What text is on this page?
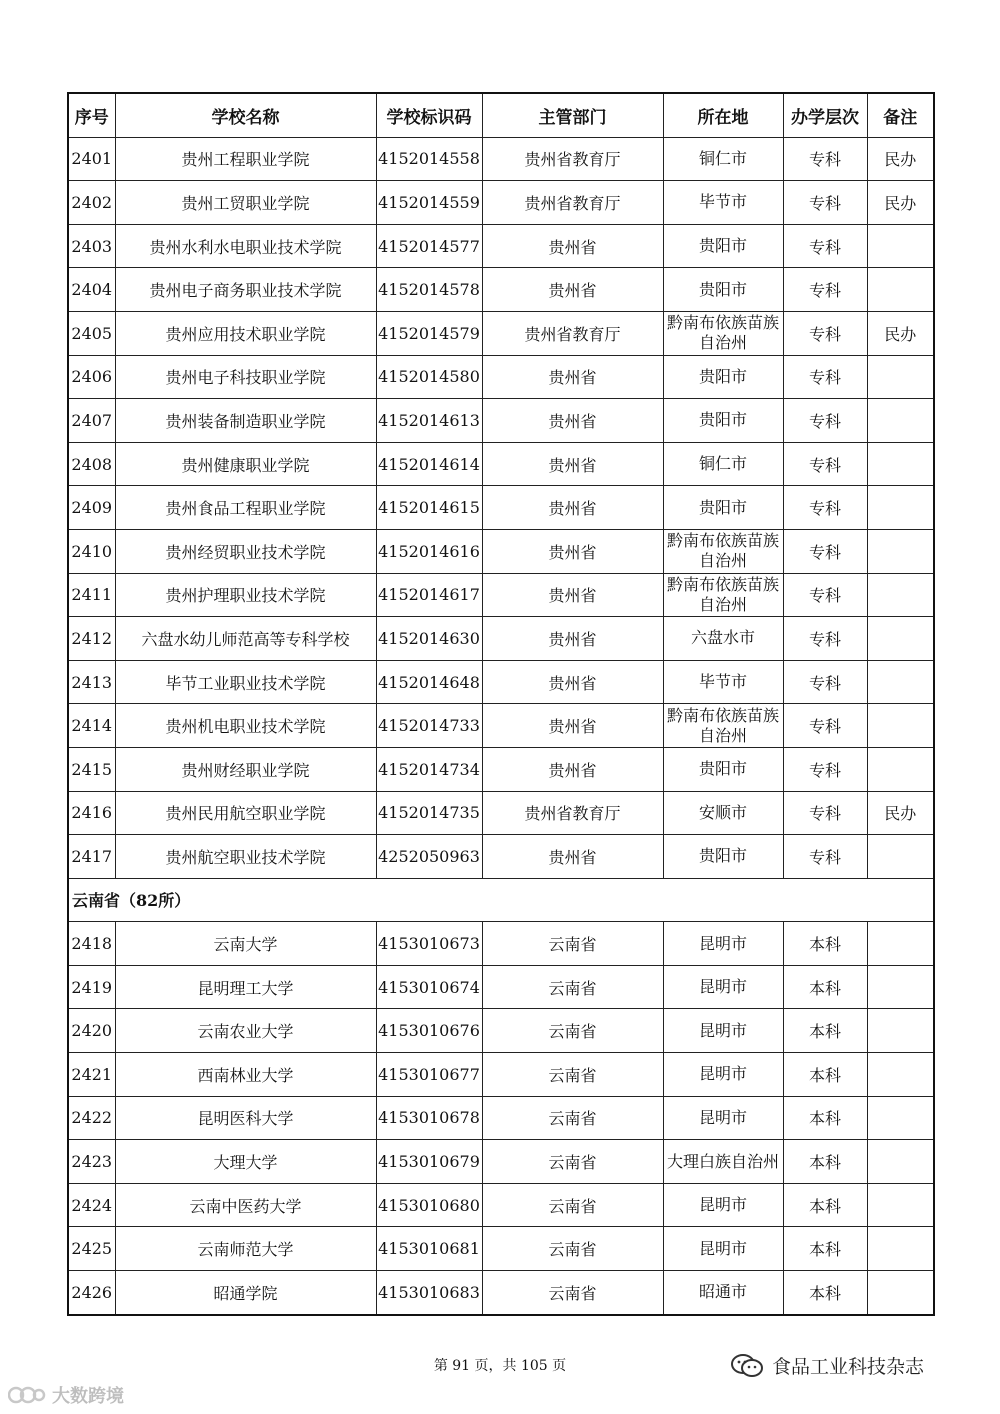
序号	学校名称	学校标识码	主管部门	所在地	办学层次	备注
2401	贵州工程职业学院	4152014558	贵州省教育厅	铜仁市	专科	民办
2402	贵州工贸职业学院	4152014559	贵州省教育厅	毕节市	专科	民办
2403	贵州水利水电职业技术学院	4152014577	贵州省	贵阳市	专科	
2404	贵州电子商务职业技术学院	4152014578	贵州省	贵阳市	专科	
2405	贵州应用技术职业学院	4152014579	贵州省教育厅	黔南布依族苗族自治州	专科	民办
2406	贵州电子科技职业学院	4152014580	贵州省	贵阳市	专科	
2407	贵州装备制造职业学院	4152014613	贵州省	贵阳市	专科	
2408	贵州健康职业学院	4152014614	贵州省	铜仁市	专科	
2409	贵州食品工程职业学院	4152014615	贵州省	贵阳市	专科	
2410	贵州经贸职业技术学院	4152014616	贵州省	黔南布依族苗族自治州	专科	
2411	贵州护理职业技术学院	4152014617	贵州省	黔南布依族苗族自治州	专科	
2412	六盘水幼儿师范高等专科学校	4152014630	贵州省	六盘水市	专科	
2413	毕节工业职业技术学院	4152014648	贵州省	毕节市	专科	
2414	贵州机电职业技术学院	4152014733	贵州省	黔南布依族苗族自治州	专科	
2415	贵州财经职业学院	4152014734	贵州省	贵阳市	专科	
2416	贵州民用航空职业学院	4152014735	贵州省教育厅	安顺市	专科	民办
2417	贵州航空职业技术学院	4252050963	贵州省	贵阳市	专科	
云南省（82所）						
2418	云南大学	4153010673	云南省	昆明市	本科	
2419	昆明理工大学	4153010674	云南省	昆明市	本科	
2420	云南农业大学	4153010676	云南省	昆明市	本科	
2421	西南林业大学	4153010677	云南省	昆明市	本科	
2422	昆明医科大学	4153010678	云南省	昆明市	本科	
2423	大理大学	4153010679	云南省	大理白族自治州	本科	
2424	云南中医药大学	4153010680	云南省	昆明市	本科	
2425	云南师范大学	4153010681	云南省	昆明市	本科	
2426	昭通学院	4153010683	云南省	昭通市	本科	
第 91 页，共 105 页	食品工业科技杂志
大数跨境
